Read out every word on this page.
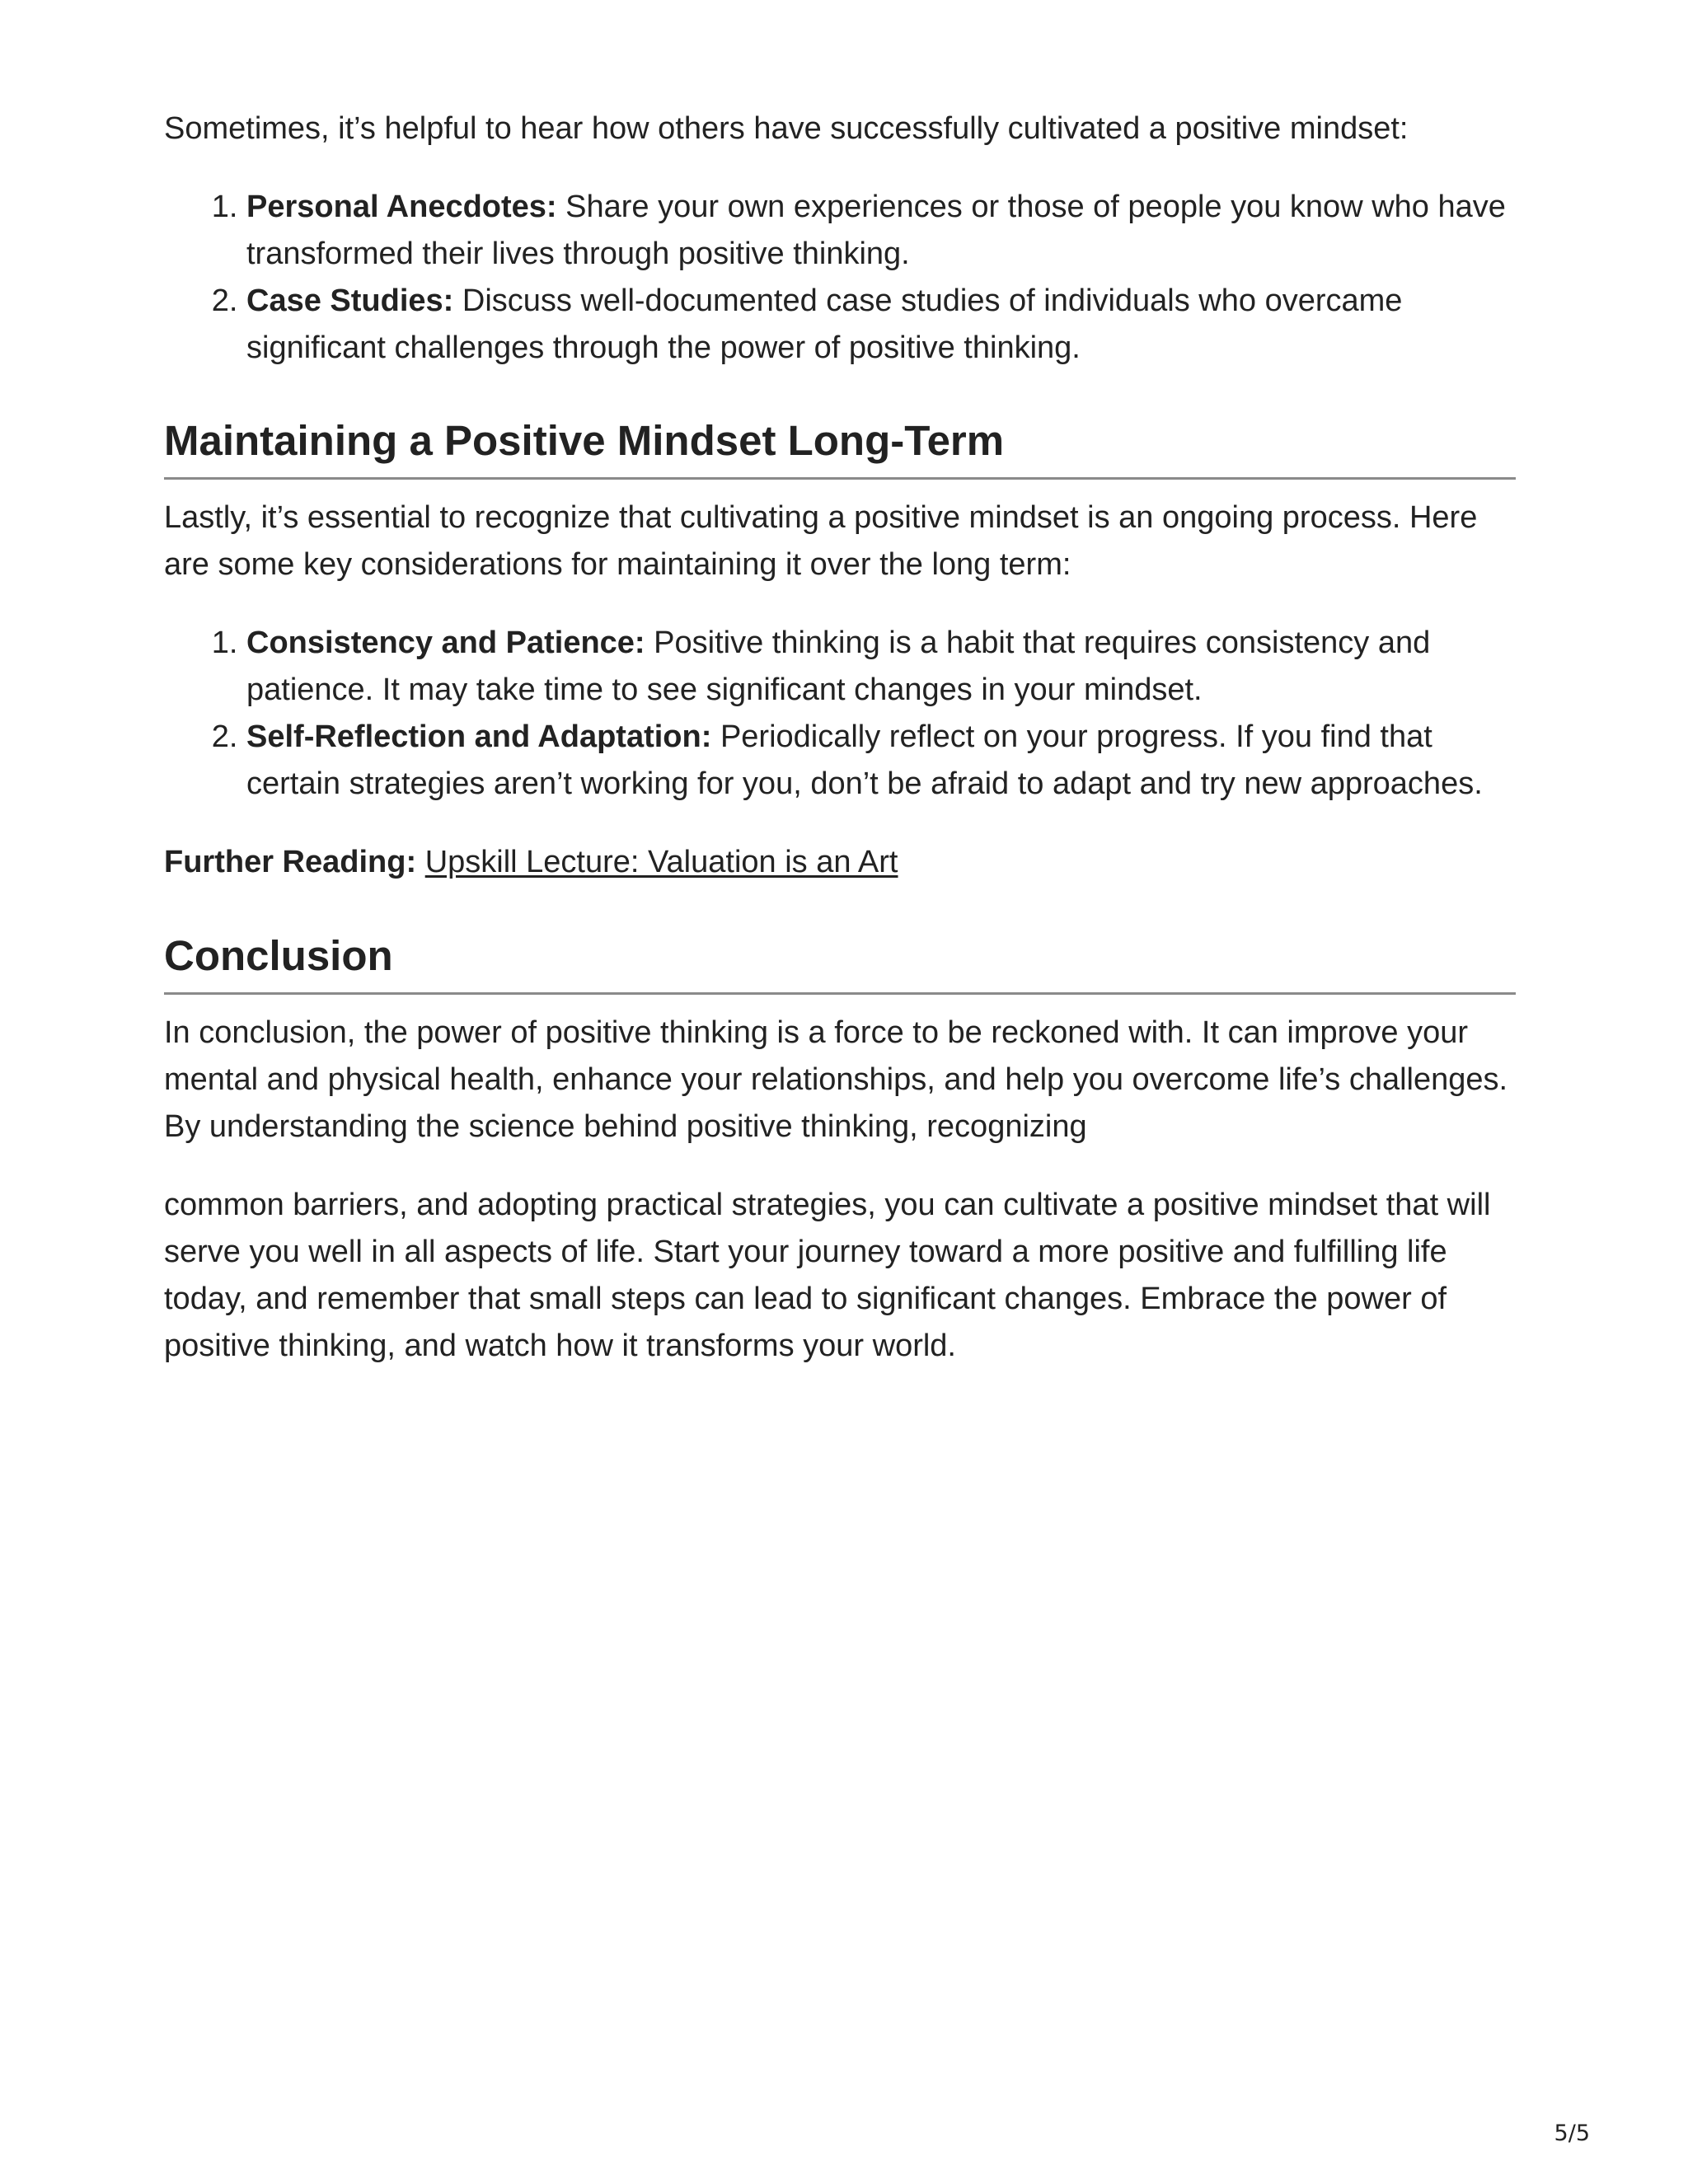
Sometimes, it’s helpful to hear how others have successfully cultivated a positive mindset:

1. Personal Anecdotes: Share your own experiences or those of people you know who have transformed their lives through positive thinking.
2. Case Studies: Discuss well-documented case studies of individuals who overcame significant challenges through the power of positive thinking.
Maintaining a Positive Mindset Long-Term

Lastly, it’s essential to recognize that cultivating a positive mindset is an ongoing process. Here are some key considerations for maintaining it over the long term:

1. Consistency and Patience: Positive thinking is a habit that requires consistency and patience. It may take time to see significant changes in your mindset.
2. Self-Reflection and Adaptation: Periodically reflect on your progress. If you find that certain strategies aren’t working for you, don’t be afraid to adapt and try new approaches.

Further Reading: Upskill Lecture: Valuation is an Art

Conclusion

In conclusion, the power of positive thinking is a force to be reckoned with. It can improve your mental and physical health, enhance your relationships, and help you overcome life’s challenges. By understanding the science behind positive thinking, recognizing

common barriers, and adopting practical strategies, you can cultivate a positive mindset that will serve you well in all aspects of life. Start your journey toward a more positive and fulfilling life today, and remember that small steps can lead to significant changes. Embrace the power of positive thinking, and watch how it transforms your world.

5/5
